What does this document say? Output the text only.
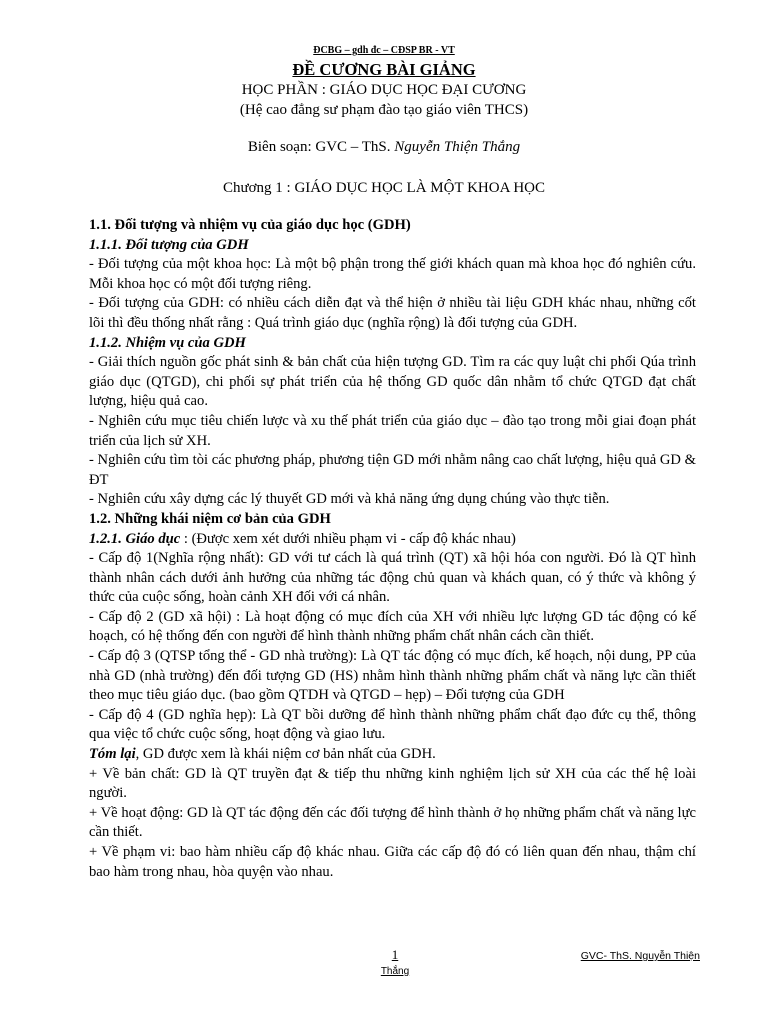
ĐCBG – gdh đc – CĐSP BR - VT
ĐỀ CƯƠNG BÀI GIẢNG
HỌC PHẦN : GIÁO DỤC HỌC ĐẠI CƯƠNG
(Hệ cao đẳng sư phạm đào tạo giáo viên THCS)
Biên soạn: GVC – ThS. Nguyễn Thiện Thắng
Chương 1 : GIÁO DỤC HỌC LÀ MỘT KHOA HỌC

1.1. Đối tượng và nhiệm vụ của giáo dục học (GDH)

1.1.1. Đối tượng của GDH

- Đối tượng của một khoa học: Là một bộ phận trong thế giới khách quan mà khoa học đó nghiên cứu. Mỗi khoa học có một đối tượng riêng.

- Đối tượng của GDH: có nhiều cách diễn đạt và thể hiện ở nhiều tài liệu GDH khác nhau, những cốt lõi thì đều thống nhất rằng : Quá trình giáo dục (nghĩa rộng) là đối tượng của GDH.

1.1.2. Nhiệm vụ của GDH

- Giải thích nguồn gốc phát sinh & bản chất của hiện tượng GD. Tìm ra các quy luật chi phối Qúa trình giáo dục (QTGD), chi phối sự phát triển của hệ thống GD quốc dân nhằm tổ chức QTGD đạt chất lượng, hiệu quả cao.

- Nghiên cứu mục tiêu chiến lược và xu thế phát triển của giáo dục – đào tạo trong mỗi giai đoạn phát triển của lịch sử XH.

- Nghiên cứu tìm tòi các phương pháp, phương tiện GD mới nhằm nâng cao chất lượng, hiệu quả GD & ĐT

- Nghiên cứu xây dựng các lý thuyết GD mới và khả năng ứng dụng chúng vào thực tiễn.

1.2. Những khái niệm cơ bản của GDH

1.2.1. Giáo dục : (Được xem xét dưới nhiều phạm vi - cấp độ khác nhau)

- Cấp độ 1(Nghĩa rộng nhất): GD với tư cách là quá trình (QT) xã hội hóa con người. Đó là QT hình thành nhân cách dưới ảnh hưởng của những tác động chủ quan và khách quan, có ý thức và không ý thức của cuộc sống, hoàn cảnh XH đối với cá nhân.

- Cấp độ 2 (GD xã hội) : Là hoạt động có mục đích của XH với nhiều lực lượng GD tác động có kế hoạch, có hệ thống đến con người để hình thành những phẩm chất nhân cách cần thiết.

- Cấp độ 3 (QTSP tổng thể - GD nhà trường): Là QT tác động có mục đích, kế hoạch, nội dung, PP của nhà GD (nhà trường) đến đối tượng GD (HS) nhằm hình thành những phẩm chất và năng lực cần thiết theo mục tiêu giáo dục. (bao gồm QTDH và QTGD – hẹp) – Đối tượng của GDH

- Cấp độ 4 (GD nghĩa hẹp): Là QT bồi dưỡng để hình thành những phẩm chất đạo đức cụ thể, thông qua việc tổ chức cuộc sống, hoạt động và giao lưu.

Tóm lại, GD được xem là khái niệm cơ bản nhất của GDH.

+ Về bản chất: GD là QT truyền đạt & tiếp thu những kinh nghiệm lịch sử XH của các thế hệ loài người.

+ Về hoạt động: GD là QT tác động đến các đối tượng để hình thành ở họ những phẩm chất và năng lực cần thiết.

+ Về phạm vi: bao hàm nhiều cấp độ khác nhau. Giữa các cấp độ đó có liên quan đến nhau, thậm chí bao hàm trong nhau, hòa quyện vào nhau.

1
Thắng
GVC- ThS. Nguyễn Thiện
